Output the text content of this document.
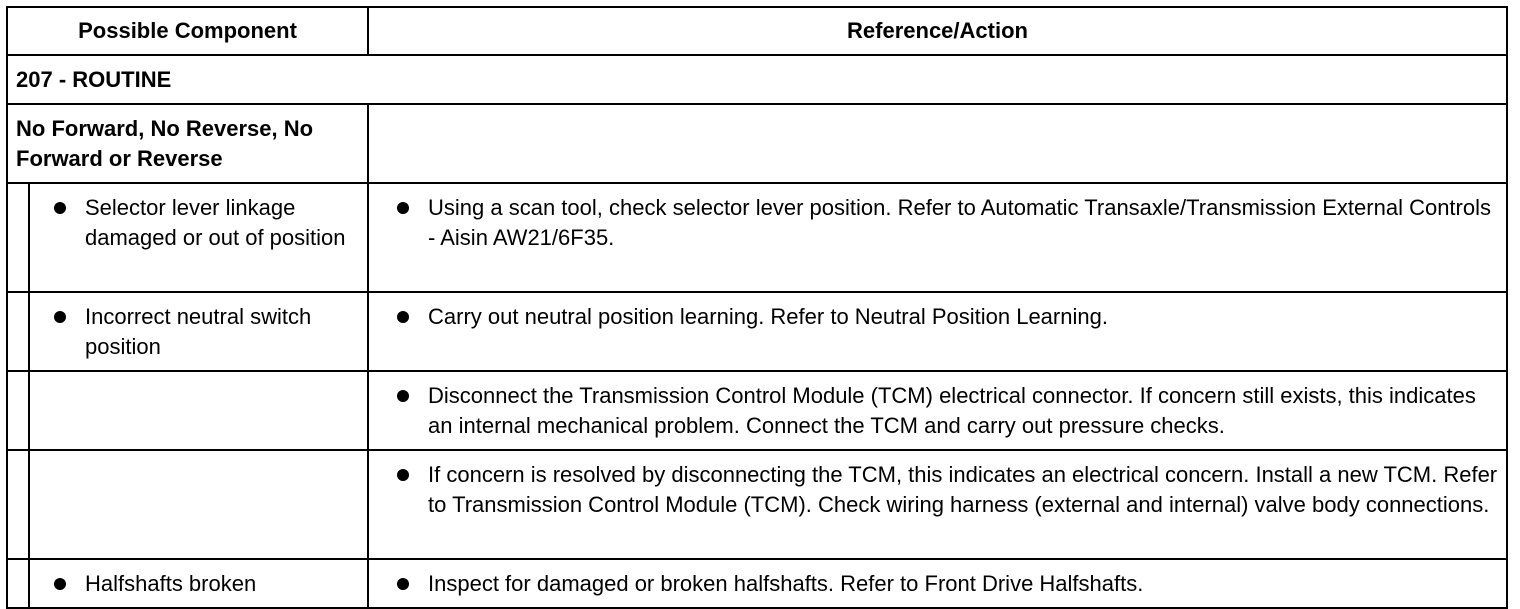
Possible Component		Reference/Action
207 - ROUTINE		
No Forward, No Reverse, No Forward or Reverse		

	Selector lever linkage damaged or out of position	Using a scan tool, check selector lever position. Refer to Automatic Transaxle/Transmission External Controls - Aisin AW21/6F35.

	Incorrect neutral switch position	Carry out neutral position learning. Refer to Neutral Position Learning.

		Disconnect the Transmission Control Module (TCM) electrical connector. If concern still exists, this indicates an internal mechanical problem. Connect the TCM and carry out pressure checks.

		If concern is resolved by disconnecting the TCM, this indicates an electrical concern. Install a new TCM. Refer to Transmission Control Module (TCM). Check wiring harness (external and internal) valve body connections.

	Halfshafts broken	Inspect for damaged or broken halfshafts. Refer to Front Drive Halfshafts.
